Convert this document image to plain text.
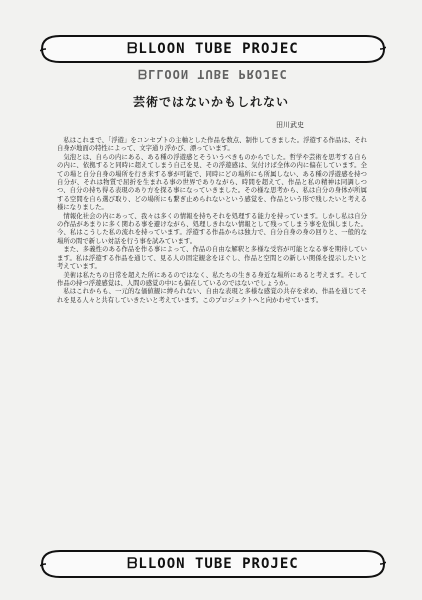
ᗷLLOON TUBE PROJEC
ᗷLLOON TUBE PROJEC
芸術ではないかもしれない
田川武史

私はこれまで、「浮遊」をコンセプトの主軸とした作品を数点、制作してきました。浮遊する作品は、それ自身が地面の特性によって、文字通り浮かび、漂っています。

気泡とは、自らの内にある、ある種の浮遊感とそういうべきものからでした。哲学や芸術を思考する自らの内に、依拠すると同時に超えてしまう自己を見、その浮遊感は、気付けば全体の内に偏在しています。全ての場と自分自身の場所を行き来する事が可能で、同時にどの場所にも所属しない、ある種の浮遊感を持つ自分が、それは物質で屈折を生まれる事の世界でありながら、時間を超えて、作品と私の精神は同調しつつ、自分の持ち得る表現のあり方を探る事になっていきました。その様な思考から、私は自分の身体が所属する空間を自ら選び取り、どの場所にも繋ぎ止められないという感覚を、作品という形で残したいと考える様になりました。

情報化社会の内にあって、我々は多くの情報を持ちそれを処理する能力を持っています。しかし私は自分の作品があまりに多く関わる事を避けながら、処理しきれない情報として残ってしまう事を危惧しました。今、私はこうした私の流れを持っています。浮遊する作品からは独力で、自分自身の身の回りと、一般的な場所の間で新しい対話を行う事を試みています。

また、多義性のある作品を作る事によって、作品の自由な解釈と多様な受容が可能となる事を期待しています。私は浮遊する作品を通じて、見る人の固定観念をほぐし、作品と空間との新しい関係を提示したいと考えています。

美術は私たちの日常を超えた所にあるのではなく、私たちの生きる身近な場所にあると考えます。そして作品の持つ浮遊感覚は、人間の感覚の中にも偏在しているのではないでしょうか。

私はこれからも、一元的な価値観に縛られない、自由な表現と多様な感覚の共存を求め、作品を通じてそれを見る人々と共有していきたいと考えています。このプロジェクトへと向かわせています。

ᗷLLOON TUBE PROJEC
